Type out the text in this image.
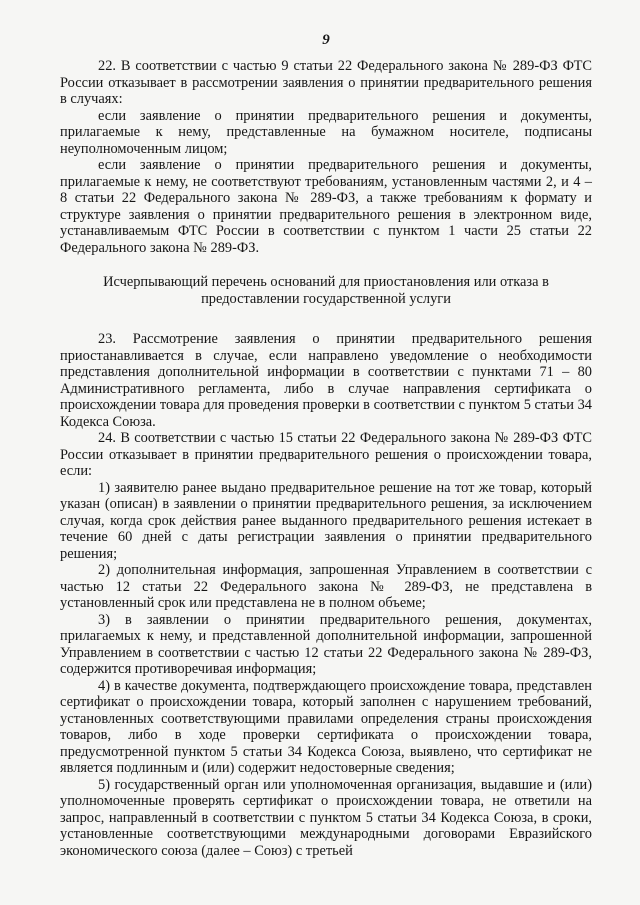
9

22. В соответствии с частью 9 статьи 22 Федерального закона № 289-ФЗ ФТС России отказывает в рассмотрении заявления о принятии предварительного решения в случаях:

если заявление о принятии предварительного решения и документы, прилагаемые к нему, представленные на бумажном носителе, подписаны неуполномоченным лицом;

если заявление о принятии предварительного решения и документы, прилагаемые к нему, не соответствуют требованиям, установленным частями 2, и 4 – 8 статьи 22 Федерального закона № 289-ФЗ, а также требованиям к формату и структуре заявления о принятии предварительного решения в электронном виде, устанавливаемым ФТС России в соответствии с пунктом 1 части 25 статьи 22 Федерального закона № 289-ФЗ.

Исчерпывающий перечень оснований для приостановления или отказа в предоставлении государственной услуги

23. Рассмотрение заявления о принятии предварительного решения приостанавливается в случае, если направлено уведомление о необходимости представления дополнительной информации в соответствии с пунктами 71 – 80 Административного регламента, либо в случае направления сертификата о происхождении товара для проведения проверки в соответствии с пунктом 5 статьи 34 Кодекса Союза.

24. В соответствии с частью 15 статьи 22 Федерального закона № 289-ФЗ ФТС России отказывает в принятии предварительного решения о происхождении товара, если:

1) заявителю ранее выдано предварительное решение на тот же товар, который указан (описан) в заявлении о принятии предварительного решения, за исключением случая, когда срок действия ранее выданного предварительного решения истекает в течение 60 дней с даты регистрации заявления о принятии предварительного решения;

2) дополнительная информация, запрошенная Управлением в соответствии с частью 12 статьи 22 Федерального закона № 289-ФЗ, не представлена в установленный срок или представлена не в полном объеме;

3) в заявлении о принятии предварительного решения, документах, прилагаемых к нему, и представленной дополнительной информации, запрошенной Управлением в соответствии с частью 12 статьи 22 Федерального закона № 289-ФЗ, содержится противоречивая информация;

4) в качестве документа, подтверждающего происхождение товара, представлен сертификат о происхождении товара, который заполнен с нарушением требований, установленных соответствующими правилами определения страны происхождения товаров, либо в ходе проверки сертификата о происхождении товара, предусмотренной пунктом 5 статьи 34 Кодекса Союза, выявлено, что сертификат не является подлинным и (или) содержит недостоверные сведения;

5) государственный орган или уполномоченная организация, выдавшие и (или) уполномоченные проверять сертификат о происхождении товара, не ответили на запрос, направленный в соответствии с пунктом 5 статьи 34 Кодекса Союза, в сроки, установленные соответствующими международными договорами Евразийского экономического союза (далее – Союз) с третьей
